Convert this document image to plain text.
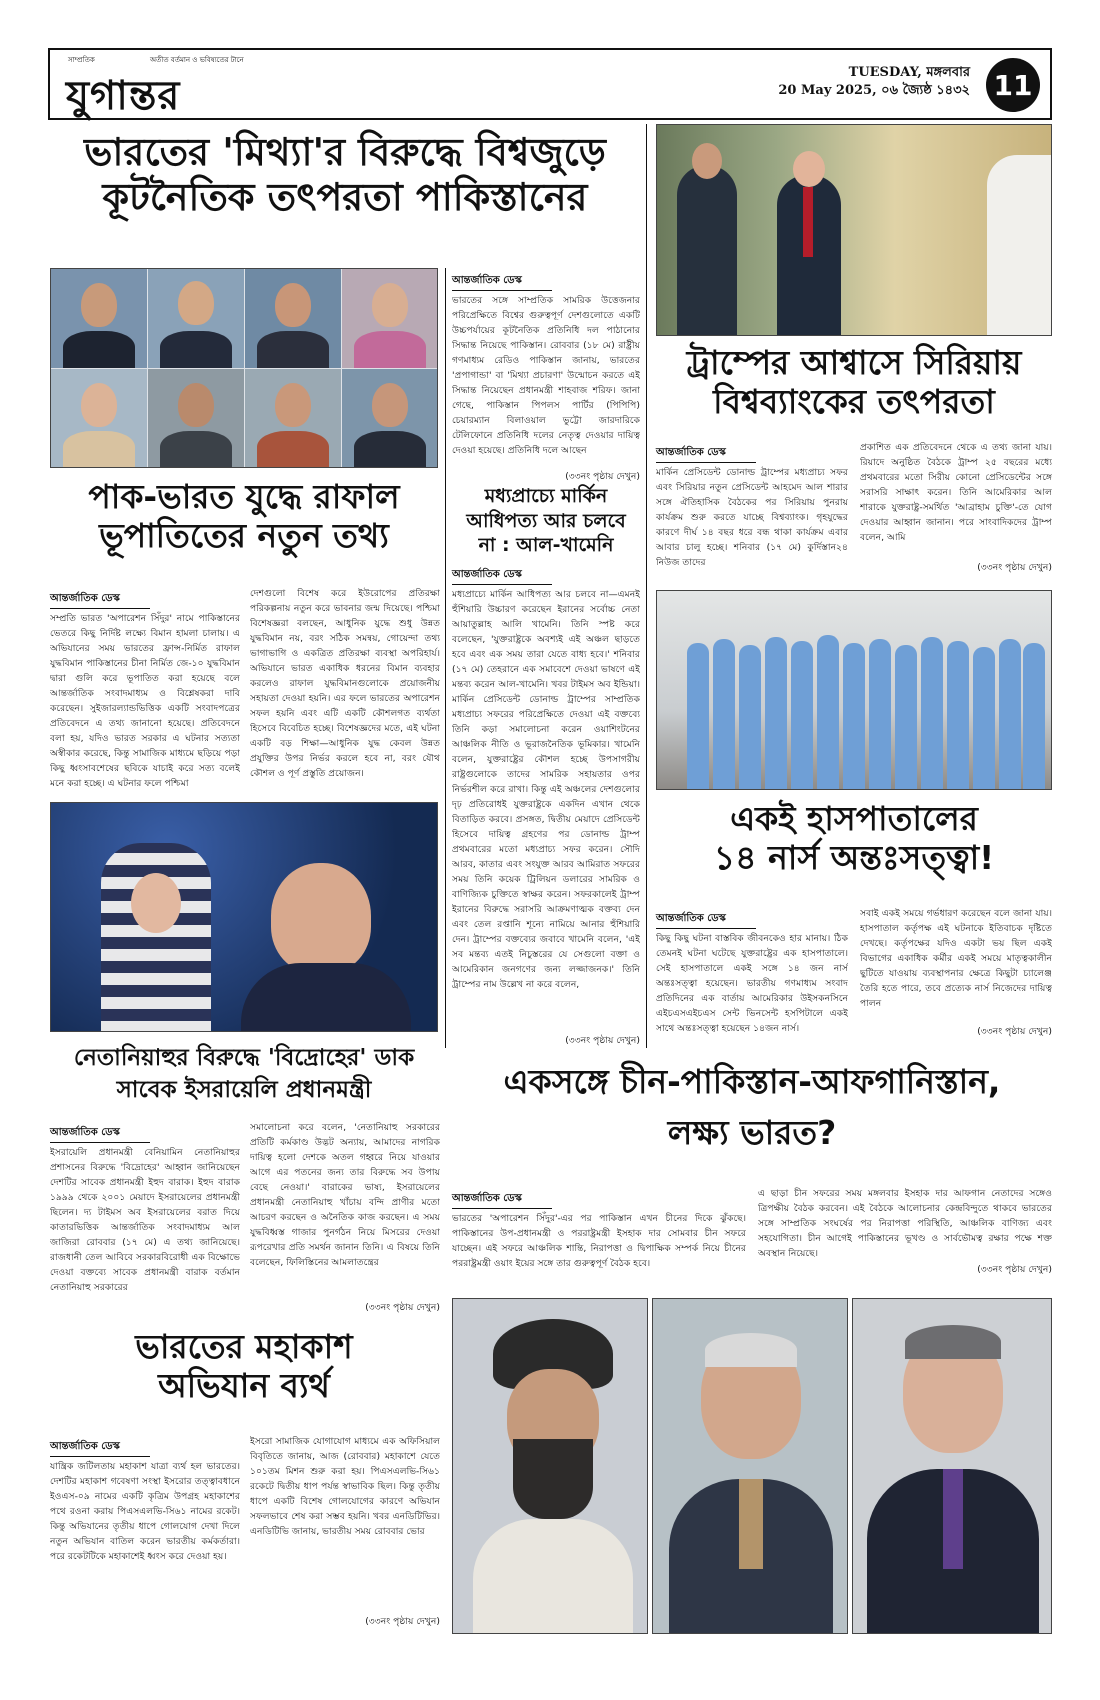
সাম্প্রতিক	অতীত বর্তমান ও ভবিষ্যতের টানে
যুগান্তর
TUESDAY, মঙ্গলবার
20 May 2025, ০৬ জ্যৈষ্ঠ ১৪৩২ 11
ভারতের 'মিথ্যা'র বিরুদ্ধে বিশ্বজুড়ে
কূটনৈতিক তৎপরতা পাকিস্তানের
আন্তর্জাতিক ডেস্ক
ভারতের সঙ্গে সাম্প্রতিক সামরিক উত্তেজনার পরিপ্রেক্ষিতে বিশ্বের গুরুত্বপূর্ণ দেশগুলোতে একটি উচ্চপর্যায়ের কূটনৈতিক প্রতিনিধি দল পাঠানোর সিদ্ধান্ত নিয়েছে পাকিস্তান। রোববার (১৮ মে) রাষ্ট্রীয় গণমাধ্যম রেডিও পাকিস্তান জানায়, ভারতের 'প্রপাগান্ডা' বা 'মিথ্যা প্রচারণা' উন্মোচন করতে এই সিদ্ধান্ত নিয়েছেন প্রধানমন্ত্রী শাহবাজ শরিফ। জানা গেছে, পাকিস্তান পিপলস পার্টির (পিপিপি) চেয়ারম্যান বিলাওয়াল ভুট্টো জারদারিকে টেলিফোনে প্রতিনিধি দলের নেতৃত্ব দেওয়ার দায়িত্ব দেওয়া হয়েছে। প্রতিনিধি দলে আছেন
(৩৩নং পৃষ্ঠায় দেখুন)
ট্রাম্পের আশ্বাসে সিরিয়ায়
বিশ্বব্যাংকের তৎপরতা
আন্তর্জাতিক ডেস্ক
মার্কিন প্রেসিডেন্ট ডোনাল্ড ট্রাম্পের মধ্যপ্রাচ্য সফর এবং সিরিয়ার নতুন প্রেসিডেন্ট আহমেদ আল শারার সঙ্গে ঐতিহাসিক বৈঠকের পর সিরিয়ায় পুনরায় কার্যক্রম শুরু করতে যাচ্ছে বিশ্বব্যাংক। গৃহযুদ্ধের কারণে দীর্ঘ ১৪ বছর ধরে বন্ধ থাকা কার্যক্রম এবার আবার চালু হচ্ছে। শনিবার (১৭ মে) কুর্দিস্তান২৪ নিউজ তাদের
প্রকাশিত এক প্রতিবেদনে থেকে এ তথ্য জানা যায়। রিয়াদে অনুষ্ঠিত বৈঠকে ট্রাম্প ২৫ বছরের মধ্যে প্রথমবারের মতো সিরীয় কোনো প্রেসিডেন্টের সঙ্গে সরাসরি সাক্ষাৎ করেন। তিনি আমেরিকার আল শারাকে যুক্তরাষ্ট্র-সমর্থিত 'আব্রাহাম চুক্তি'-তে যোগ দেওয়ার আহ্বান জানান। পরে সাংবাদিকদের ট্রাম্প বলেন, আমি
(৩৩নং পৃষ্ঠায় দেখুন)
পাক-ভারত যুদ্ধে রাফাল
ভূপাতিতের নতুন তথ্য
আন্তর্জাতিক ডেস্ক
সম্প্রতি ভারত 'অপারেশন সিঁদুর' নামে পাকিস্তানের ভেতরে কিছু নির্দিষ্ট লক্ষ্যে বিমান হামলা চালায়। এ অভিযানের সময় ভারতের ফ্রান্স-নির্মিত রাফাল যুদ্ধবিমান পাকিস্তানের চীনা নির্মিত জে-১০ যুদ্ধবিমান দ্বারা গুলি করে ভূপাতিত করা হয়েছে বলে আন্তর্জাতিক সংবাদমাধ্যম ও বিশ্লেষকরা দাবি করেছেন। সুইজারল্যান্ডভিত্তিক একটি সংবাদপত্রের প্রতিবেদনে এ তথ্য জানানো হয়েছে। প্রতিবেদনে বলা হয়, যদিও ভারত সরকার এ ঘটনার সত্যতা অস্বীকার করেছে, কিন্তু সামাজিক মাধ্যমে ছড়িয়ে পড়া কিছু ধ্বংসাবশেষের ছবিকে যাচাই করে সত্য বলেই মনে করা হচ্ছে। এ ঘটনার ফলে পশ্চিমা
দেশগুলো বিশেষ করে ইউরোপের প্রতিরক্ষা পরিকল্পনায় নতুন করে ভাবনার জন্ম দিয়েছে। পশ্চিমা বিশেষজ্ঞরা বলছেন, আধুনিক যুদ্ধে শুধু উন্নত যুদ্ধবিমান নয়, বরং সঠিক সমন্বয়, গোয়েন্দা তথ্য ভাগাভাগি ও একত্রিত প্রতিরক্ষা ব্যবস্থা অপরিহার্য। অভিযানে ভারত একাধিক ধরনের বিমান ব্যবহার করলেও রাফাল যুদ্ধবিমানগুলোকে প্রয়োজনীয় সহায়তা দেওয়া হয়নি। এর ফলে ভারতের অপারেশন সফল হয়নি এবং এটি একটি কৌশলগত ব্যর্থতা হিসেবে বিবেচিত হচ্ছে। বিশেষজ্ঞদের মতে, এই ঘটনা একটি বড় শিক্ষা—আধুনিক যুদ্ধ কেবল উন্নত প্রযুক্তির উপর নির্ভর করলে হবে না, বরং যৌথ কৌশল ও পূর্ণ প্রস্তুতি প্রয়োজন।
মধ্যপ্রাচ্যে মার্কিন
আধিপত্য আর চলবে
না : আল-খামেনি
আন্তর্জাতিক ডেস্ক
মধ্যপ্রাচ্যে মার্কিন আধিপত্য আর চলবে না—এমনই হুঁশিয়ারি উচ্চারণ করেছেন ইরানের সর্বোচ্চ নেতা আয়াতুল্লাহ আলি খামেনি। তিনি স্পষ্ট করে বলেছেন, 'যুক্তরাষ্ট্রকে অবশ্যই এই অঞ্চল ছাড়তে হবে এবং এক সময় তারা যেতে বাধ্য হবে।' শনিবার (১৭ মে) তেহরানে এক সমাবেশে দেওয়া ভাষণে এই মন্তব্য করেন আল-খামেনি। খবর টাইমস অব ইন্ডিয়া। মার্কিন প্রেসিডেন্ট ডোনাল্ড ট্রাম্পের সাম্প্রতিক মধ্যপ্রাচ্য সফরের পরিপ্রেক্ষিতে দেওয়া এই বক্তব্যে তিনি কড়া সমালোচনা করেন ওয়াশিংটনের আঞ্চলিক নীতি ও ভূরাজনৈতিক ভূমিকার। খামেনি বলেন, যুক্তরাষ্ট্রের কৌশল হচ্ছে উপসাগরীয় রাষ্ট্রগুলোকে তাদের সামরিক সহায়তার ওপর নির্ভরশীল করে রাখা। কিন্তু এই অঞ্চলের দেশগুলোর দৃঢ় প্রতিরোধই যুক্তরাষ্ট্রকে একদিন এখান থেকে বিতাড়িত করবে। প্রসঙ্গত, দ্বিতীয় মেয়াদে প্রেসিডেন্ট হিসেবে দায়িত্ব গ্রহণের পর ডোনাল্ড ট্রাম্প প্রথমবারের মতো মধ্যপ্রাচ্য সফর করেন। সৌদি আরব, কাতার এবং সংযুক্ত আরব আমিরাত সফরের সময় তিনি কয়েক ট্রিলিয়ন ডলারের সামরিক ও বাণিজ্যিক চুক্তিতে স্বাক্ষর করেন। সফরকালেই ট্রাম্প ইরানের বিরুদ্ধে সরাসরি আক্রমণাত্মক বক্তব্য দেন এবং তেল রপ্তানি শূন্যে নামিয়ে আনার হুঁশিয়ারি দেন। ট্রাম্পের বক্তব্যের জবাবে খামেনি বলেন, 'এই সব মন্তব্য এতই নিচুস্তরের যে সেগুলো বক্তা ও আমেরিকান জনগণের জন্য লজ্জাজনক।' তিনি ট্রাম্পের নাম উল্লেখ না করে বলেন,
(৩৩নং পৃষ্ঠায় দেখুন)
একই হাসপাতালের
১৪ নার্স অন্তঃসত্ত্বা!
আন্তর্জাতিক ডেস্ক
কিছু কিছু ঘটনা বাস্তবিক জীবনকেও হার মানায়। ঠিক তেমনই ঘটনা ঘটেছে যুক্তরাষ্ট্রের এক হাসপাতালে। সেই হাসপাতালে একই সঙ্গে ১৪ জন নার্স অন্তঃসত্ত্বা হয়েছেন। ভারতীয় গণমাধ্যম সংবাদ প্রতিদিনের এক বার্তায় আমেরিকার উইসকনসিনে এইচএসএইচএস সেন্ট ভিনসেন্ট হসপিটালে একই সাথে অন্তঃসত্ত্বা হয়েছেন ১৪জন নার্স।
সবাই একই সময়ে গর্ভধারণ করেছেন বলে জানা যায়। হাসপাতাল কর্তৃপক্ষ এই ঘটনাকে ইতিবাচক দৃষ্টিতে দেখছে। কর্তৃপক্ষের যদিও একটা ভয় ছিল একই বিভাগের একাধিক কর্মীর একই সময়ে মাতৃত্বকালীন ছুটিতে যাওয়ায় ব্যবস্থাপনার ক্ষেত্রে কিছুটা চ্যালেঞ্জ তৈরি হতে পারে, তবে প্রত্যেক নার্স নিজেদের দায়িত্ব পালন
(৩৩নং পৃষ্ঠায় দেখুন)
নেতানিয়াহুর বিরুদ্ধে 'বিদ্রোহের' ডাক
সাবেক ইসরায়েলি প্রধানমন্ত্রী
আন্তর্জাতিক ডেস্ক
ইসরায়েলি প্রধানমন্ত্রী বেনিয়ামিন নেতানিয়াহুর প্রশাসনের বিরুদ্ধে 'বিদ্রোহের' আহ্বান জানিয়েছেন দেশটির সাবেক প্রধানমন্ত্রী ইহুদ বারাক। ইহুদ বারাক ১৯৯৯ থেকে ২০০১ মেয়াদে ইসরায়েলের প্রধানমন্ত্রী ছিলেন। দ্য টাইমস অব ইসরায়েলের বরাত দিয়ে কাতারভিত্তিক আন্তর্জাতিক সংবাদমাধ্যম আল জাজিরা রোববার (১৭ মে) এ তথ্য জানিয়েছে। রাজধানী তেল আবিবে সরকারবিরোধী এক বিক্ষোভে দেওয়া বক্তব্যে সাবেক প্রধানমন্ত্রী বারাক বর্তমান নেতানিয়াহু সরকারের
সমালোচনা করে বলেন, 'নেতানিয়াহু সরকারের প্রতিটি কর্মকাণ্ড উদ্ভট অন্যায়, আমাদের নাগরিক দায়িত্ব হলো দেশকে অতল গহ্বরে নিয়ে যাওয়ার আগে এর পতনের জন্য তার বিরুদ্ধে সব উপায় বেছে নেওয়া।' বারাকের ভাষ্য, ইসরায়েলের প্রধানমন্ত্রী নেতানিয়াহু খাঁচায় বন্দি প্রাণীর মতো আচরণ করছেন ও অনৈতিক কাজ করছেন। এ সময় যুদ্ধবিধ্বস্ত গাজার পুনর্গঠন নিয়ে মিসরের দেওয়া রূপরেখার প্রতি সমর্থন জানান তিনি। এ বিষয়ে তিনি বলেছেন, ফিলিস্তিনের আমলাতন্ত্রের
(৩৩নং পৃষ্ঠায় দেখুন)
একসঙ্গে চীন-পাকিস্তান-আফগানিস্তান,
লক্ষ্য ভারত?
আন্তর্জাতিক ডেস্ক
ভারতের 'অপারেশন সিঁদুর'-এর পর পাকিস্তান এখন চীনের দিকে ঝুঁকছে। পাকিস্তানের উপ-প্রধানমন্ত্রী ও পররাষ্ট্রমন্ত্রী ইসহাক দার সোমবার চীন সফরে যাচ্ছেন। এই সফরে আঞ্চলিক শান্তি, নিরাপত্তা ও দ্বিপাক্ষিক সম্পর্ক নিয়ে চীনের পররাষ্ট্রমন্ত্রী ওয়াং ইয়ের সঙ্গে তার গুরুত্বপূর্ণ বৈঠক হবে।
এ ছাড়া চীন সফরের সময় মঙ্গলবার ইসহাক দার আফগান নেতাদের সঙ্গেও ত্রিপক্ষীয় বৈঠক করবেন। এই বৈঠকে আলোচনার কেন্দ্রবিন্দুতে থাকবে ভারতের সঙ্গে সাম্প্রতিক সংঘর্ষের পর নিরাপত্তা পরিস্থিতি, আঞ্চলিক বাণিজ্য এবং সহযোগিতা। চীন আগেই পাকিস্তানের ভূখণ্ড ও সার্বভৌমত্ব রক্ষার পক্ষে শক্ত অবস্থান নিয়েছে।
(৩৩নং পৃষ্ঠায় দেখুন)
ভারতের মহাকাশ
অভিযান ব্যর্থ
আন্তর্জাতিক ডেস্ক
যান্ত্রিক জটিলতায় মহাকাশ যাত্রা ব্যর্থ হল ভারতের। দেশটির মহাকাশ গবেষণা সংস্থা ইসরোর তত্ত্বাবধানে ইওএস-০৯ নামের একটি কৃত্রিম উপগ্রহ মহাকাশের পথে রওনা করায় পিএসএলভি-সি৬১ নামের রকেট। কিন্তু অভিযানের তৃতীয় ধাপে গোলযোগ দেখা দিলে নতুন অভিযান বাতিল করেন ভারতীয় কর্মকর্তারা। পরে রকেটটিকে মহাকাশেই ধ্বংস করে দেওয়া হয়।
ইসরো সামাজিক যোগাযোগ মাধ্যমে এক অফিসিয়াল বিবৃতিতে জানায়, আজ (রোববার) মহাকাশে যেতে ১০১তম মিশন শুরু করা হয়। পিএসএলভি-সি৬১ রকেটে দ্বিতীয় ধাপ পর্যন্ত স্বাভাবিক ছিল। কিন্তু তৃতীয় ধাপে একটি বিশেষ গোলযোগের কারণে অভিযান সফলভাবে শেষ করা সম্ভব হয়নি। খবর এনডিটিভির। এনডিটিভি জানায়, ভারতীয় সময় রোববার ভোর
(৩৩নং পৃষ্ঠায় দেখুন)
